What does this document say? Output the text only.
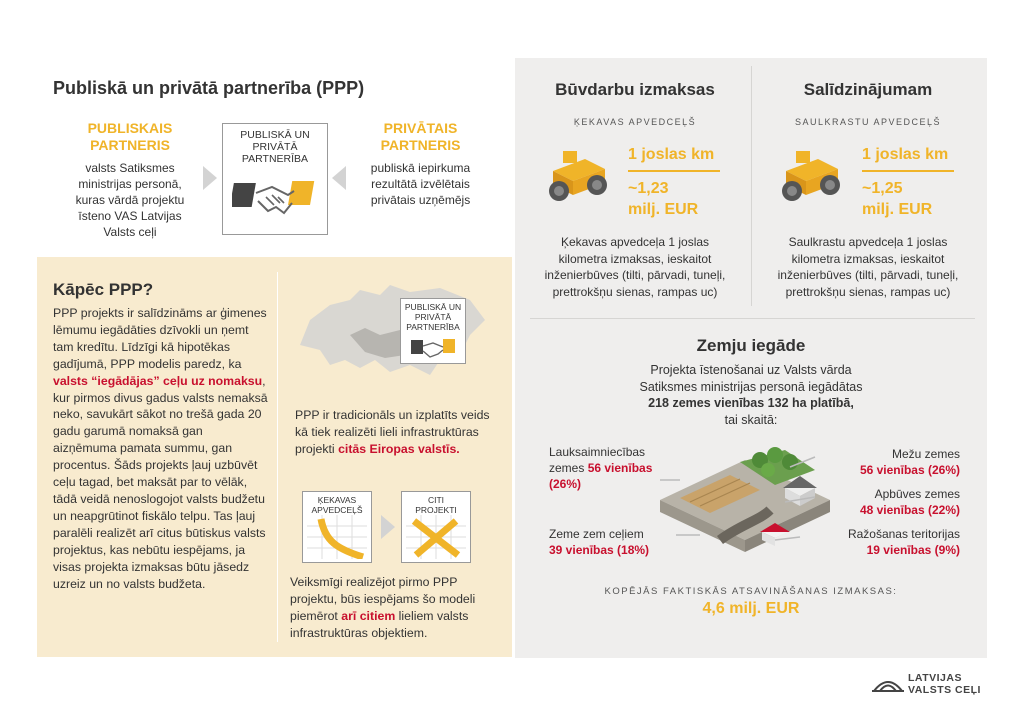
Publiskā un privātā partnerība (PPP)
PUBLISKAIS
PARTNERIS
valsts Satiksmes
ministrijas personā,
kuras vārdā projektu
īsteno VAS Latvijas
Valsts ceļi
PUBLISKĀ UN
PRIVĀTĀ
PARTNERĪBA
PRIVĀTAIS
PARTNERIS
publiskā iepirkuma
rezultātā izvēlētais
privātais uzņēmējs
Kāpēc PPP?
PPP projekts ir salīdzināms ar ģimenes lēmumu iegādāties dzīvokli un ņemt tam kredītu. Līdzīgi kā hipotēkas gadījumā, PPP modelis paredz, ka valsts “iegādājas” ceļu uz nomaksu, kur pirmos divus gadus valsts nemaksā neko, savukārt sākot no trešā gada 20 gadu garumā nomaksā gan aizņēmuma pamata summu, gan procentus. Šāds projekts ļauj uzbūvēt ceļu tagad, bet maksāt par to vēlāk, tādā veidā nenoslogojot valsts budžetu un neapgrūtinot fiskālo telpu. Tas ļauj paralēli realizēt arī citus būtiskus valsts projektus, kas nebūtu iespējams, ja visas projekta izmaksas būtu jāsedz uzreiz un no valsts budžeta.
PUBLISKĀ UN
PRIVĀTĀ
PARTNERĪBA
PPP ir tradicionāls un izplatīts veids kā tiek realizēti lieli infrastruktūras projekti citās Eiropas valstīs.
ĶEKAVAS
APVEDCEĻŠ
CITI
PROJEKTI
Veiksmīgi realizējot pirmo PPP projektu, būs iespējams šo modeli piemērot arī citiem lieliem valsts infrastruktūras objektiem.
Būvdarbu izmaksas
ĶEKAVAS APVEDCEĻŠ
1 joslas km
~1,23
milj. EUR
Ķekavas apvedceļa 1 joslas
kilometra izmaksas, ieskaitot
inženierbūves (tilti, pārvadi, tuneļi,
prettrokšņu sienas, rampas uc)
Salīdzinājumam
SAULKRASTU APVEDCEĻŠ
1 joslas km
~1,25
milj. EUR
Saulkrastu apvedceļa 1 joslas
kilometra izmaksas, ieskaitot
inženierbūves (tilti, pārvadi, tuneļi,
prettrokšņu sienas, rampas uc)
Zemju iegāde
Projekta īstenošanai uz Valsts vārda
Satiksmes ministrijas personā iegādātas
218 zemes vienības 132 ha platībā,
tai skaitā:
Lauksaimniecības
zemes 56 vienības
(26%)
Zeme zem ceļiem
39 vienības (18%)
Mežu zemes
56 vienības (26%)
Apbūves zemes
48 vienības (22%)
Ražošanas teritorijas
19 vienības (9%)
KOPĒJĀS FAKTISKĀS ATSAVINĀŠANAS IZMAKSAS:
4,6 milj. EUR
LATVIJAS
VALSTS CEĻI
